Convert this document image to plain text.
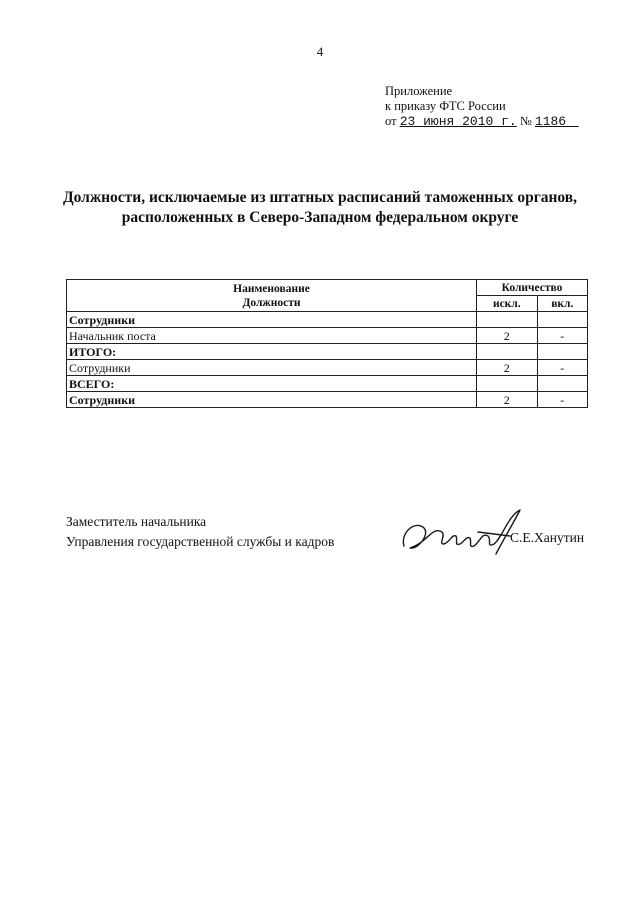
4
Приложение
к приказу ФТС России
от 23 июня 2010 г. № 1186
Должности, исключаемые из штатных расписаний таможенных органов,
расположенных в Северо-Западном федеральном округе
Наименование
Должности	Количество	
	искл.	вкл.
Сотрудники		
Начальник поста	2	-
ИТОГО:		
Сотрудники	2	-
ВСЕГО:		
Сотрудники	2	-
Заместитель начальника
Управления государственной службы и кадров	С.Е.Ханутин
